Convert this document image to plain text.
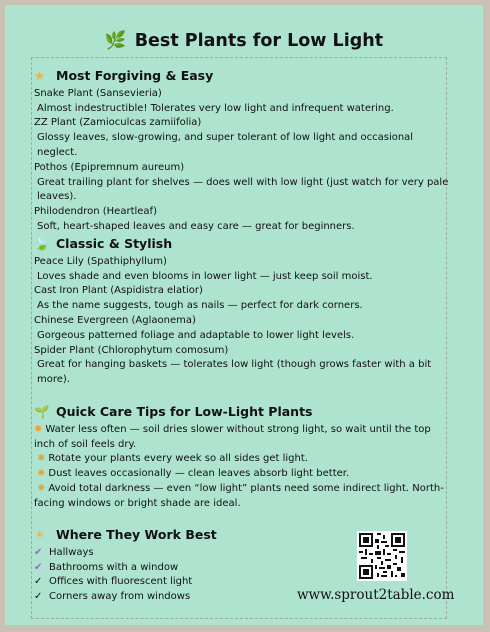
🌿 Best Plants for Low Light
★ Most Forgiving & Easy
Snake Plant (Sansevieria)
Almost indestructible! Tolerates very low light and infrequent watering.
ZZ Plant (Zamioculcas zamiifolia)
Glossy leaves, slow-growing, and super tolerant of low light and occasional neglect.
Pothos (Epipremnum aureum)
Great trailing plant for shelves — does well with low light (just watch for very pale leaves).
Philodendron (Heartleaf)
Soft, heart-shaped leaves and easy care — great for beginners.
🍃 Classic & Stylish
Peace Lily (Spathiphyllum)
Loves shade and even blooms in lower light — just keep soil moist.
Cast Iron Plant (Aspidistra elatior)
As the name suggests, tough as nails — perfect for dark corners.
Chinese Evergreen (Aglaonema)
Gorgeous patterned foliage and adaptable to lower light levels.
Spider Plant (Chlorophytum comosum)
Great for hanging baskets — tolerates low light (though grows faster with a bit more).
🌱 Quick Care Tips for Low-Light Plants
✸ Water less often — soil dries slower without strong light, so wait until the top inch of soil feels dry.
✸ Rotate your plants every week so all sides get light.
✸ Dust leaves occasionally — clean leaves absorb light better.
✸ Avoid total darkness — even “low light” plants need some indirect light. North-facing windows or bright shade are ideal.
☀ Where They Work Best
✔ Hallways
✔ Bathrooms with a window
✓ Offices with fluorescent light
✓ Corners away from windows	www.sprout2table.com
